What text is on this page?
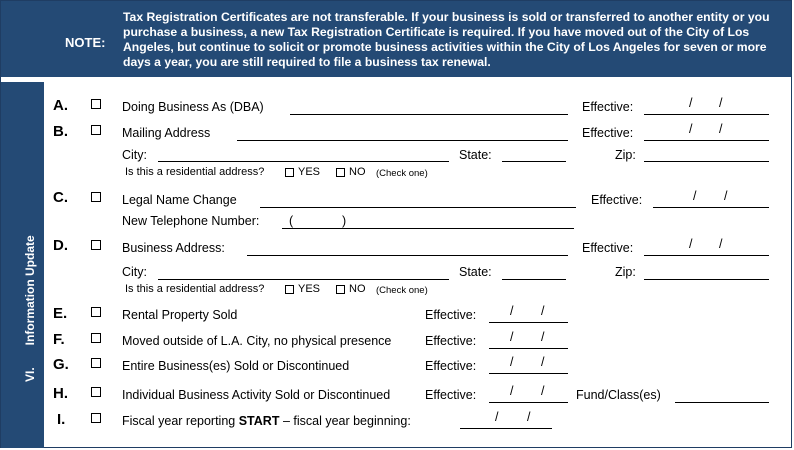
NOTE:
Tax Registration Certificates are not transferable. If your business is sold or transferred to another entity or you purchase a business, a new Tax Registration Certificate is required. If you have moved out of the City of Los Angeles, but continue to solicit or promote business activities within the City of Los Angeles for seven or more days a year, you are still required to file a business tax renewal.
VI.Information Update
A.	Doing Business As (DBA)	Effective:	/ /
B.	Mailing Address	Effective:	/ /
City:	State:	Zip:
Is this a residential address?	YES	NO (Check one)
C.	Legal Name Change	Effective:	/ /
New Telephone Number: (	)
D.	Business Address:	Effective:	/ /
City:	State:	Zip:
Is this a residential address?	YES	NO (Check one)
E.	Rental Property Sold	Effective:	/ /
F.	Moved outside of L.A. City, no physical presence	Effective:	/ /
G.	Entire Business(es) Sold or Discontinued	Effective:	/ /
H.	Individual Business Activity Sold or Discontinued	Effective:	/ /	Fund/Class(es)
I.	Fiscal year reporting START – fiscal year beginning:	/ /
